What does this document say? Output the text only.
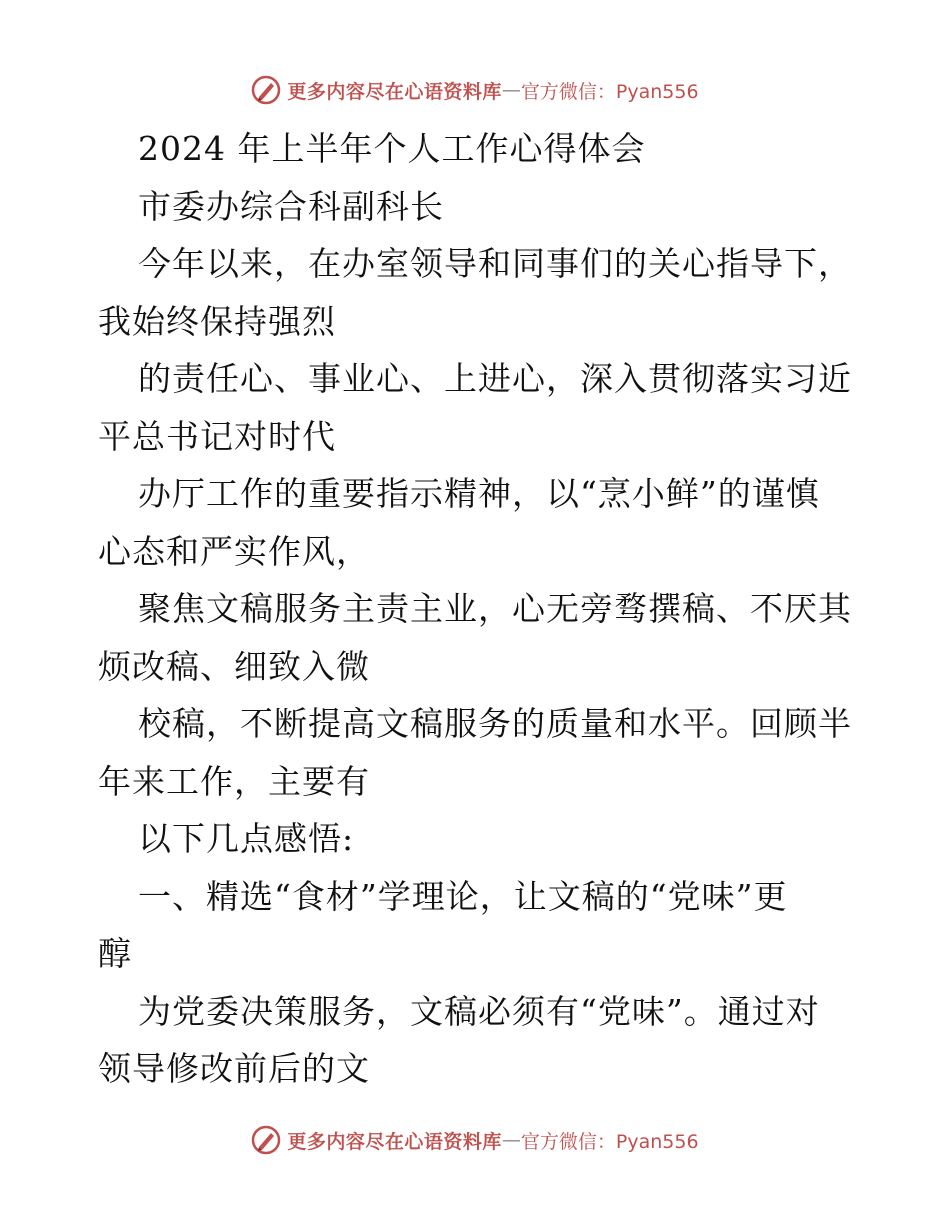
更多内容尽在心语资料库 — 官方微信：Pyan556
2024 年上半年个人工作心得体会
市委办综合科副科长
今年以来，在办室领导和同事们的关心指导下，
我始终保持强烈
的责任心、事业心、上进心，深入贯彻落实习近
平总书记对时代
办厅工作的重要指示精神，以“烹小鲜”的谨慎
心态和严实作风，
聚焦文稿服务主责主业，心无旁骛撰稿、不厌其
烦改稿、细致入微
校稿，不断提高文稿服务的质量和水平。回顾半
年来工作，主要有
以下几点感悟:
一、精选“食材”学理论，让文稿的“党味”更
醇
为党委决策服务，文稿必须有“党味”。通过对
领导修改前后的文
更多内容尽在心语资料库 — 官方微信：Pyan556
